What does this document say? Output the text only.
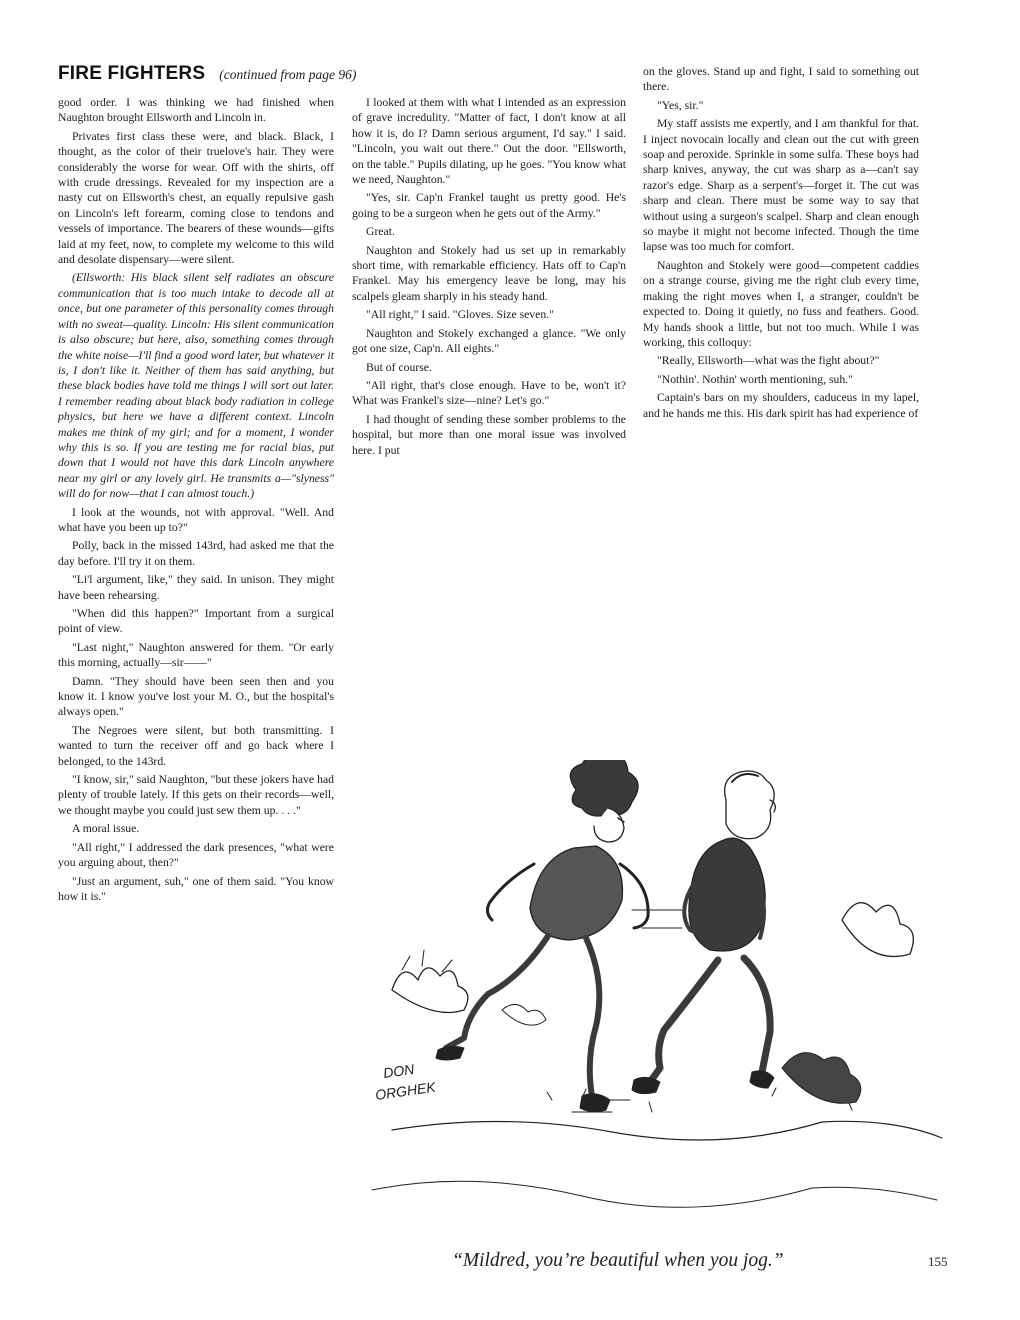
FIRE FIGHTERS (continued from page 96)

good order. I was thinking we had finished when Naughton brought Ellsworth and Lincoln in.

Privates first class these were, and black. Black, I thought, as the color of their truelove's hair. They were considerably the worse for wear. Off with the shirts, off with crude dressings. Revealed for my inspection are a nasty cut on Ellsworth's chest, an equally repulsive gash on Lincoln's left forearm, coming close to tendons and vessels of importance. The bearers of these wounds—gifts laid at my feet, now, to complete my welcome to this wild and desolate dispensary—were silent.

(Ellsworth: His black silent self radiates an obscure communication that is too much intake to decode all at once, but one parameter of this personality comes through with no sweat—quality. Lincoln: His silent communication is also obscure; but here, also, something comes through the white noise—I'll find a good word later, but whatever it is, I don't like it. Neither of them has said anything, but these black bodies have told me things I will sort out later. I remember reading about black body radiation in college physics, but here we have a different context. Lincoln makes me think of my girl; and for a moment, I wonder why this is so. If you are testing me for racial bias, put down that I would not have this dark Lincoln anywhere near my girl or any lovely girl. He transmits a—"slyness" will do for now—that I can almost touch.)

I look at the wounds, not with approval. "Well. And what have you been up to?"

Polly, back in the missed 143rd, had asked me that the day before. I'll try it on them.

"Li'l argument, like," they said. In unison. They might have been rehearsing.

"When did this happen?" Important from a surgical point of view.

"Last night," Naughton answered for them. "Or early this morning, actually—sir——"

Damn. "They should have been seen then and you know it. I know you've lost your M. O., but the hospital's always open."

The Negroes were silent, but both transmitting. I wanted to turn the receiver off and go back where I belonged, to the 143rd.

"I know, sir," said Naughton, "but these jokers have had plenty of trouble lately. If this gets on their records—well, we thought maybe you could just sew them up. . . ."

A moral issue.

"All right," I addressed the dark presences, "what were you arguing about, then?"

"Just an argument, suh," one of them said. "You know how it is."

I looked at them with what I intended as an expression of grave incredulity. "Matter of fact, I don't know at all how it is, do I? Damn serious argument, I'd say." I said. "Lincoln, you wait out there." Out the door. "Ellsworth, on the table." Pupils dilating, up he goes. "You know what we need, Naughton."

"Yes, sir. Cap'n Frankel taught us pretty good. He's going to be a surgeon when he gets out of the Army."

Great.

Naughton and Stokely had us set up in remarkably short time, with remarkable efficiency. Hats off to Cap'n Frankel. May his emergency leave be long, may his scalpels gleam sharply in his steady hand.

"All right," I said. "Gloves. Size seven."

Naughton and Stokely exchanged a glance. "We only got one size, Cap'n. All eights."

But of course.

"All right, that's close enough. Have to be, won't it? What was Frankel's size—nine? Let's go."

I had thought of sending these somber problems to the hospital, but more than one moral issue was involved here. I put

on the gloves. Stand up and fight, I said to something out there.

"Yes, sir."

My staff assists me expertly, and I am thankful for that. I inject novocain locally and clean out the cut with green soap and peroxide. Sprinkle in some sulfa. These boys had sharp knives, anyway, the cut was sharp as a—can't say razor's edge. Sharp as a serpent's—forget it. The cut was sharp and clean. There must be some way to say that without using a surgeon's scalpel. Sharp and clean enough so maybe it might not become infected. Though the time lapse was too much for comfort.

Naughton and Stokely were good—competent caddies on a strange course, giving me the right club every time, making the right moves when I, a stranger, couldn't be expected to. Doing it quietly, no fuss and feathers. Good. My hands shook a little, but not too much. While I was working, this colloquy:

"Really, Ellsworth—what was the fight about?"

"Nothin'. Nothin' worth mentioning, suh."

Captain's bars on my shoulders, caduceus in my lapel, and he hands me this. His dark spirit has had experience of

DON
ORGHEK
“Mildred, you’re beautiful when you jog.”	155
